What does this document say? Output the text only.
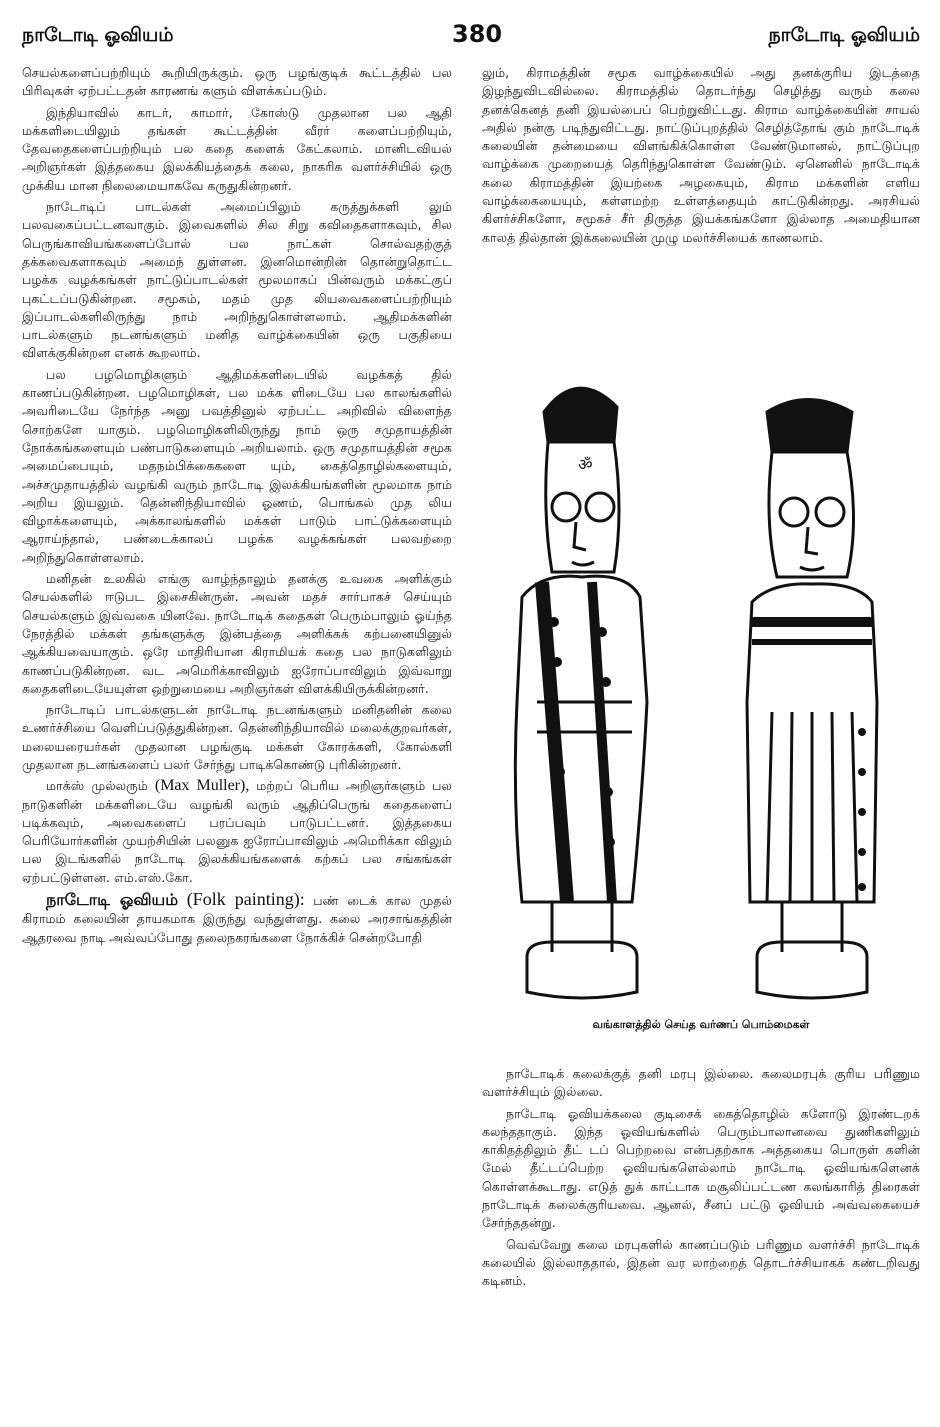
நாடோடி ஓவியம்	380	நாடோடி ஓவியம்

செயல்களைப்பற்றியும் கூறியிருக்கும். ஒரு பழங்குடிக் கூட்டத்தில் பல பிரிவுகள் ஏற்பட்டதன் காரணங் களும் விளக்கப்படும்.

இந்தியாவில் காடர், காமார், கோஸ்டு முதலான பல ஆதி மக்களிடையிலும் தங்கள் கூட்டத்தின் வீரர் களைப்பற்றியும், தேவதைகளைப்பற்றியும் பல கதை களைக் கேட்கலாம். மானிடவியல் அறிஞர்கள் இத்தகைய இலக்கியத்தைக் கலை, நாகரிக வளர்ச்சியில் ஒரு முக்கிய மான நிலைமையாகவே கருதுகின்றனர்.

நாடோடிப் பாடல்கள் அமைப்பிலும் கருத்துக்களி லும் பலவகைப்பட்டனவாகும். இவைகளில் சில சிறு கவிதைகளாகவும், சில பெருங்காவியங்களைப்போல் பல நாட்கள் சொல்வதற்குத் தக்கவைகளாகவும் அமைந் துள்ளன. இனமொன்றின் தொன்றுதொட்ட பழக்க வழக்கங்கள் நாட்டுப்பாடல்கள் மூலமாகப் பின்வரும் மக்கட்குப் புகட்டப்படுகின்றன. சமூகம், மதம் முத லியவைகளைப்பற்றியும் இப்பாடல்களிலிருந்து நாம் அறிந்துகொள்ளலாம். ஆதிமக்களின் பாடல்களும் நடனங்களும் மனித வாழ்க்கையின் ஒரு பகுதியை விளக்குகின்றன எனக் கூறலாம்.

பல பழமொழிகளும் ஆதிமக்களிடையில் வழக்கத் தில் காணப்படுகின்றன. பழமொழிகள், பல மக்க ளிடையே பல காலங்களில் அவரிடையே நேர்ந்த அனு பவத்தினுல் ஏற்பட்ட அறிவில் விளைந்த சொற்களே யாகும். பழமொழிகளிலிருந்து நாம் ஒரு சமுதாயத்தின் நோக்கங்களையும் பண்பாடுகளையும் அறியலாம். ஒரு சமுதாயத்தின் சமூக அமைப்பையும், மதநம்பிக்கைகளை யும், கைத்தொழில்களையும், அச்சமுதாயத்தில் வழங்கி வரும் நாடோடி இலக்கியங்களின் மூலமாக நாம் அறிய இயலும். தென்னிந்தியாவில் ஓணம், பொங்கல் முத லிய விழாக்களையும், அக்காலங்களில் மக்கள் பாடும் பாட்டுக்களையும் ஆராய்ந்தால், பண்டைக்காலப் பழக்க வழக்கங்கள் பலவற்றை அறிந்துகொள்ளலாம்.

மனிதன் உலகில் எங்கு வாழ்ந்தாலும் தனக்கு உவகை அளிக்கும் செயல்களில் ஈடுபட இசைகின்ருன். அவன் மதச் சார்பாகச் செய்யும் செயல்களும் இவ்வகை யினவே. நாடோடிக் கதைகள் பெரும்பாலும் ஓய்ந்த நேரத்தில் மக்கள் தங்களுக்கு இன்பத்தை அளிக்கக் கற்பனையினுல் ஆக்கியவையாகும். ஒரே மாதிரியான கிராமியக் கதை பல நாடுகளிலும் காணப்படுகின்றன. வட அமெரிக்காவிலும் ஐரோப்பாவிலும் இவ்வாறு கதைகளிடையேயுள்ள ஒற்றுமையை அறிஞர்கள் விளக்கியிருக்கின்றனர்.

நாடோடிப் பாடல்களுடன் நாடோடி நடனங்களும் மனிதனின் கலை உணர்ச்சியை வெளிப்படுத்துகின்றன. தென்னிந்தியாவில் மலைக்குறவர்கள், மலையரையர்கள் முதலான பழங்குடி மக்கள் கோரக்களி, கோல்களி முதலான நடனங்களைப் பலர் சேர்ந்து பாடிக்கொண்டு புரிகின்றனர்.

மாக்ஸ் முல்லரும் (Max Muller), மற்றப் பெரிய அறிஞர்களும் பல நாடுகளின் மக்களிடையே வழங்கி வரும் ஆதிப்பெருங் கதைகளைப் படிக்கவும், அவைகளைப் பரப்பவும் பாடுபட்டனர். இத்தகைய பெரியோர்களின் முயற்சியின் பலனுக ஐரோப்பாவிலும் அமெரிக்கா விலும் பல இடங்களில் நாடோடி இலக்கியங்களைக் கற்கப் பல சங்கங்கள் ஏற்பட்டுள்ளன. எம்.எஸ்.கோ.

நாடோடி ஓவியம் (Folk painting): பண் டைக் கால முதல் கிராமம் கலையின் தாயகமாக இருந்து வந்துள்ளது. கலை அரசாங்கத்தின் ஆதரவை நாடி அவ்வப்போது தலைநகரங்களை நோக்கிச் சென்றபோதி

லும், கிராமத்தின் சமூக வாழ்க்கையில் அது தனக்குரிய இடத்தை இழந்துவிடவில்லை. கிராமத்தில் தொடர்ந்து செழித்து வரும் கலை தனக்கெனத் தனி இயல்பைப் பெற்றுவிட்டது. கிராம வாழ்க்கையின் சாயல் அதில் நன்கு படிந்துவிட்டது. நாட்டுப்புறத்தில் செழித்தோங் கும் நாடோடிக் கலையின் தன்மையை விளங்கிக்கொள்ள வேண்டுமானல், நாட்டுப்புற வாழ்க்கை முறையைத் தெரிந்துகொள்ள வேண்டும். ஏனெனில் நாடோடிக் கலை கிராமத்தின் இயற்கை அழகையும், கிராம மக்களின் எளிய வாழ்க்கையையும், கள்ளமற்ற உள்ளத்தையும் காட்டுகின்றது. அரசியல் கிளர்ச்சிகளோ, சமூகச் சீர் திருத்த இயக்கங்களோ இல்லாத அமைதியான காலத் தில்தான் இக்கலையின் முழு மலர்ச்சியைக் காணலாம்.

ॐ
வங்காளத்தில் செய்த வர்ணப் பொம்மைகள்

நாடோடிக் கலைக்குத் தனி மரபு இல்லை. கலைமரபுக் குரிய பரிணும வளர்ச்சியும் இல்லை.

நாடோடி ஓவியக்கலை குடிசைக் கைத்தொழில் களோடு இரண்டறக் கலந்ததாகும். இந்த ஓவியங்களில் பெரும்பாலானவை துணிகளிலும் காகிதத்திலும் தீட் டப் பெற்றவை என்பதற்காக அத்தகைய பொருள் களின் மேல் தீட்டப்பெற்ற ஓவியங்களெல்லாம் நாடோடி ஓவியங்களெனக் கொள்ளக்கூடாது. எடுத் துக் காட்டாக மசூலிப்பட்டண கலங்காரித் திரைகள் நாடோடிக் கலைக்குரியவை. ஆனல், சீனப் பட்டு ஓவியம் அவ்வகையைச் சேர்ந்ததன்று.

வெவ்வேறு கலை மரபுகளில் காணப்படும் பரிணும வளர்ச்சி நாடோடிக் கலையில் இல்லாததால், இதன் வர லாற்றைத் தொடர்ச்சியாகக் கண்டறிவது கடினம்.
